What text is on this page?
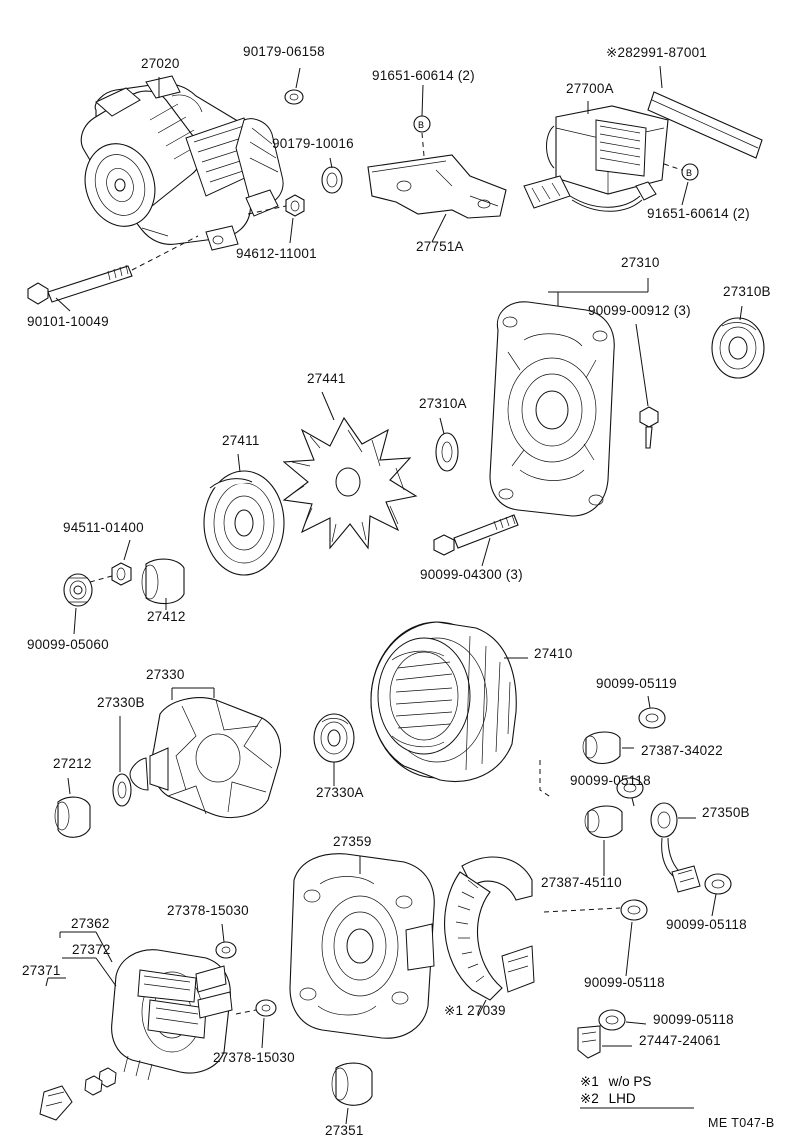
B
B
27020
90179-06158
91651-60614 (2)
※282991-87001
27700A
90179-10016
91651-60614 (2)
94612-11001	27751A
27310
27310B
90099-00912 (3)
90101-10049
27441
27310A
27411
94511-01400
90099-04300 (3)
27412
90099-05060
27410
90099-05119
27330
27330B
27387-34022
90099-05118
27212
27330A
27350B
27359
27387-45110
27362
27378-15030
27372
90099-05118
27371
90099-05118
※1 27039
90099-05118
27447-24061
27378-15030
27351
※1 w/o PS
※2 LHD
ME T047-B
